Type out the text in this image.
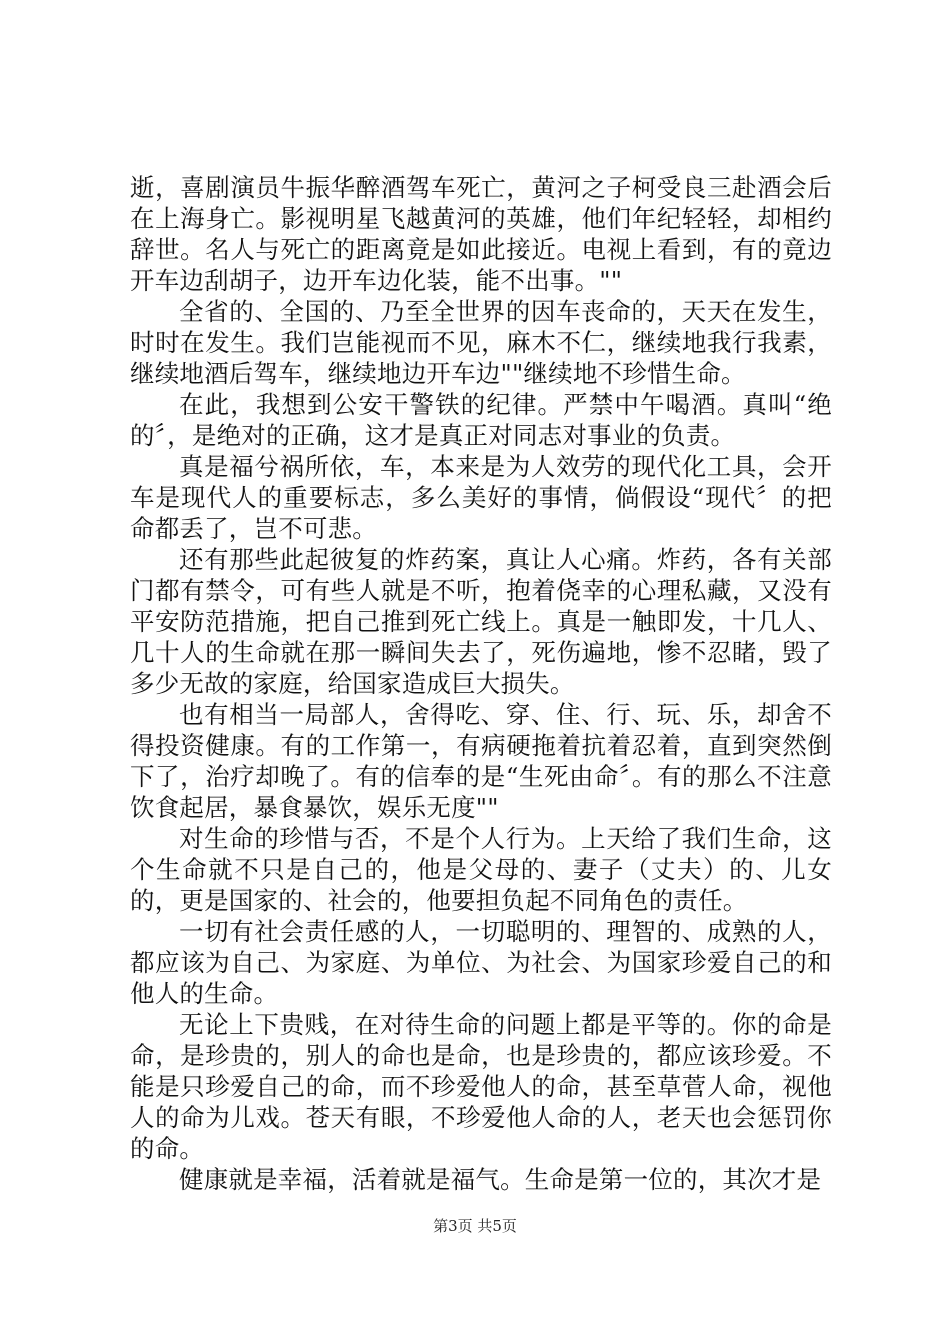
逝，喜剧演员牛振华醉酒驾车死亡，黄河之子柯受良三赴酒会后在上海身亡。影视明星飞越黄河的英雄，他们年纪轻轻，却相约辞世。名人与死亡的距离竟是如此接近。电视上看到，有的竟边开车边刮胡子，边开车边化装，能不出事。""

全省的、全国的、乃至全世界的因车丧命的，天天在发生，时时在发生。我们岂能视而不见，麻木不仁，继续地我行我素，继续地酒后驾车，继续地边开车边""继续地不珍惜生命。

在此，我想到公安干警铁的纪律。严禁中午喝酒。真叫“绝的〞，是绝对的正确，这才是真正对同志对事业的负责。

真是福兮祸所依，车，本来是为人效劳的现代化工具，会开车是现代人的重要标志，多么美好的事情，倘假设“现代〞的把命都丢了，岂不可悲。

还有那些此起彼复的炸药案，真让人心痛。炸药，各有关部门都有禁令，可有些人就是不听，抱着侥幸的心理私藏，又没有平安防范措施，把自己推到死亡线上。真是一触即发，十几人、几十人的生命就在那一瞬间失去了，死伤遍地，惨不忍睹，毁了多少无故的家庭，给国家造成巨大损失。

也有相当一局部人，舍得吃、穿、住、行、玩、乐，却舍不得投资健康。有的工作第一，有病硬拖着抗着忍着，直到突然倒下了，治疗却晚了。有的信奉的是“生死由命〞。有的那么不注意饮食起居，暴食暴饮，娱乐无度""

对生命的珍惜与否，不是个人行为。上天给了我们生命，这个生命就不只是自己的，他是父母的、妻子（丈夫）的、儿女的，更是国家的、社会的，他要担负起不同角色的责任。

一切有社会责任感的人，一切聪明的、理智的、成熟的人，都应该为自己、为家庭、为单位、为社会、为国家珍爱自己的和他人的生命。

无论上下贵贱，在对待生命的问题上都是平等的。你的命是命，是珍贵的，别人的命也是命，也是珍贵的，都应该珍爱。不能是只珍爱自己的命，而不珍爱他人的命，甚至草菅人命，视他人的命为儿戏。苍天有眼，不珍爱他人命的人，老天也会惩罚你的命。

健康就是幸福，活着就是福气。生命是第一位的，其次才是

第3页 共5页
